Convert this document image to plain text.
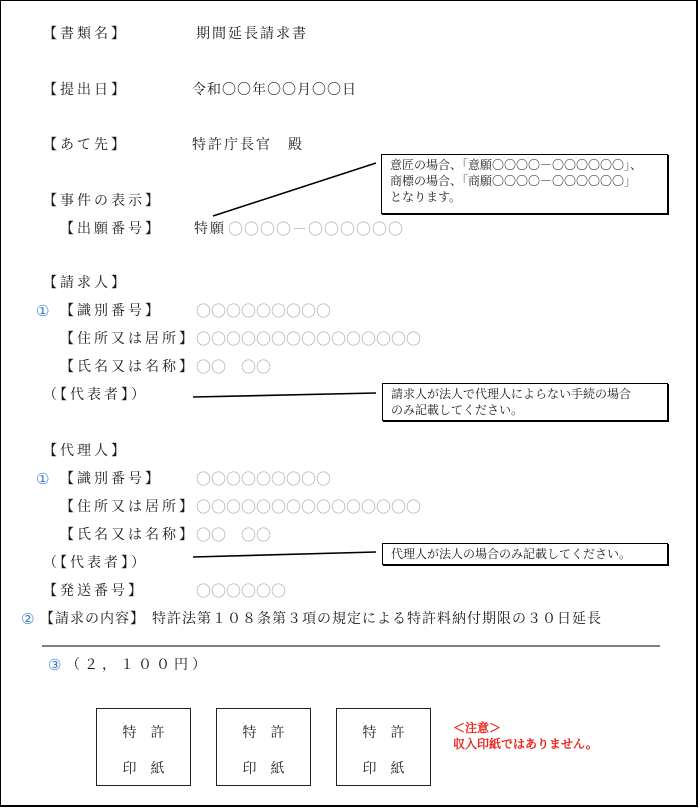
【書類名】	期間延長請求書
【提出日】	令和〇〇年〇〇月〇〇日
【あて先】	特許庁長官　殿
【事件の表示】
【出願番号】 特願 〇〇〇〇－〇〇〇〇〇〇
意匠の場合、「意願〇〇〇〇－〇〇〇〇〇〇」、
商標の場合、「商願〇〇〇〇－〇〇〇〇〇〇」
となります。
【請求人】
① 【識別番号】 〇〇〇〇〇〇〇〇〇
【住所又は居所】 〇〇〇〇〇〇〇〇〇〇〇〇〇〇〇
【氏名又は名称】 〇〇　〇〇
（【代表者】）	請求人が法人で代理人によらない手続の場合
のみ記載してください。
【代理人】
① 【識別番号】 〇〇〇〇〇〇〇〇〇
【住所又は居所】 〇〇〇〇〇〇〇〇〇〇〇〇〇〇〇
【氏名又は名称】 〇〇　〇〇
（【代表者】）
代理人が法人の場合のみ記載してください。
【発送番号】	〇〇〇〇〇〇
② 【請求の内容】 特許法第１０８条第３項の規定による特許料納付期限の３０日延長
③ （２，１００円）
特許
印紙
特許
印紙
特許
印紙
＜注意＞
収入印紙ではありません。
